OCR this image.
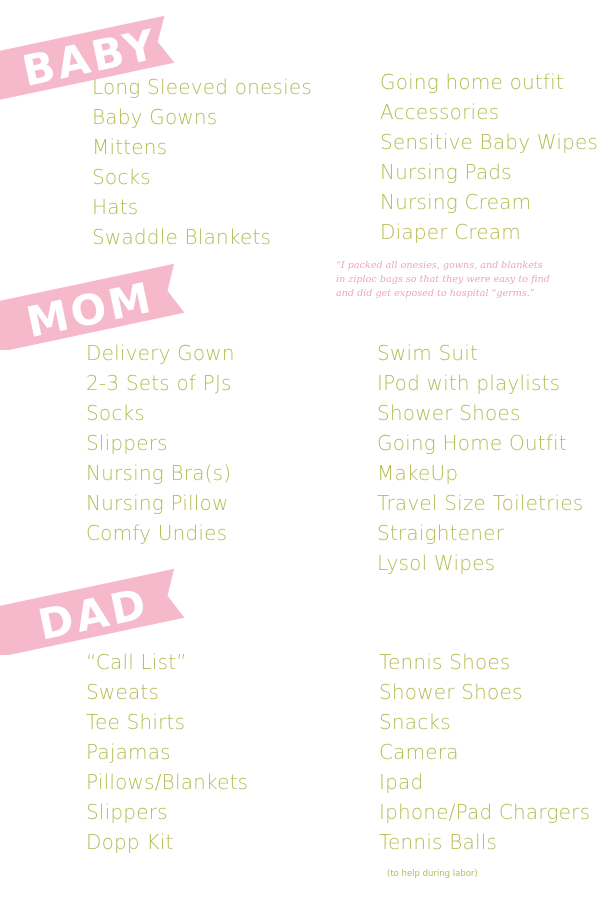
BABY
Long Sleeved onesies
Baby Gowns
Mittens
Socks
Hats
Swaddle Blankets
Going home outfit
Accessories
Sensitive Baby Wipes
Nursing Pads
Nursing Cream
Diaper Cream

“I packed all onesies, gowns, and blankets

in ziploc bags so that they were easy to find

and did get exposed to hospital “germs.”

MOM
Delivery Gown
2-3 Sets of PJs
Socks
Slippers
Nursing Bra(s)
Nursing Pillow
Comfy Undies
Swim Suit
IPod with playlists
Shower Shoes
Going Home Outfit
MakeUp
Travel Size Toiletries
Straightener
Lysol Wipes
DAD
“Call List”
Sweats
Tee Shirts
Pajamas
Pillows/Blankets
Slippers
Dopp Kit
Tennis Shoes
Shower Shoes
Snacks
Camera
Ipad
Iphone/Pad Chargers
Tennis Balls
(to help during labor)
